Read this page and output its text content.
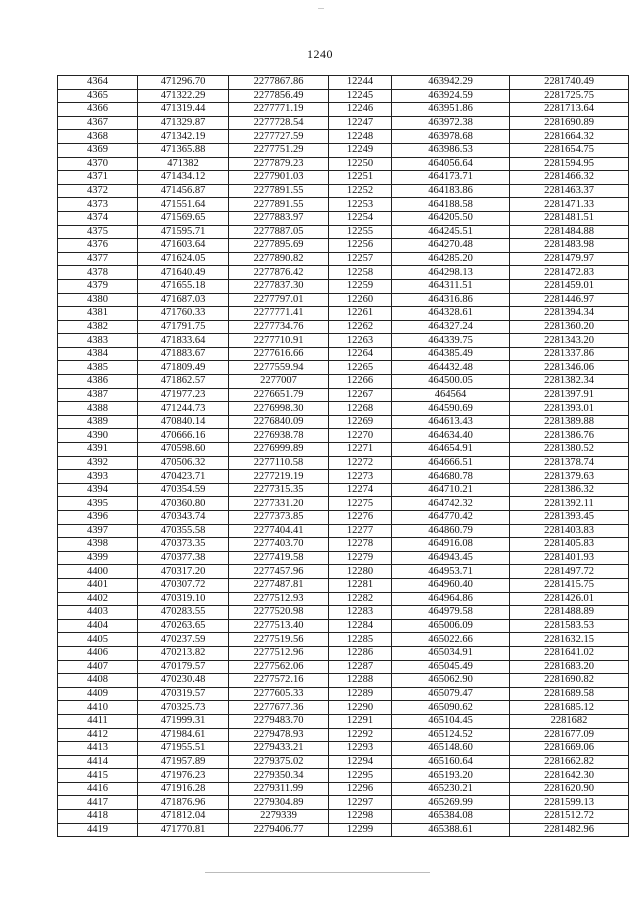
1240
4364	471296.70	2277867.86	12244	463942.29	2281740.49
4365	471322.29	2277856.49	12245	463924.59	2281725.75
4366	471319.44	2277771.19	12246	463951.86	2281713.64
4367	471329.87	2277728.54	12247	463972.38	2281690.89
4368	471342.19	2277727.59	12248	463978.68	2281664.32
4369	471365.88	2277751.29	12249	463986.53	2281654.75
4370	471382	2277879.23	12250	464056.64	2281594.95
4371	471434.12	2277901.03	12251	464173.71	2281466.32
4372	471456.87	2277891.55	12252	464183.86	2281463.37
4373	471551.64	2277891.55	12253	464188.58	2281471.33
4374	471569.65	2277883.97	12254	464205.50	2281481.51
4375	471595.71	2277887.05	12255	464245.51	2281484.88
4376	471603.64	2277895.69	12256	464270.48	2281483.98
4377	471624.05	2277890.82	12257	464285.20	2281479.97
4378	471640.49	2277876.42	12258	464298.13	2281472.83
4379	471655.18	2277837.30	12259	464311.51	2281459.01
4380	471687.03	2277797.01	12260	464316.86	2281446.97
4381	471760.33	2277771.41	12261	464328.61	2281394.34
4382	471791.75	2277734.76	12262	464327.24	2281360.20
4383	471833.64	2277710.91	12263	464339.75	2281343.20
4384	471883.67	2277616.66	12264	464385.49	2281337.86
4385	471809.49	2277559.94	12265	464432.48	2281346.06
4386	471862.57	2277007	12266	464500.05	2281382.34
4387	471977.23	2276651.79	12267	464564	2281397.91
4388	471244.73	2276998.30	12268	464590.69	2281393.01
4389	470840.14	2276840.09	12269	464613.43	2281389.88
4390	470666.16	2276938.78	12270	464634.40	2281386.76
4391	470598.60	2276999.89	12271	464654.91	2281380.52
4392	470506.32	2277110.58	12272	464666.51	2281378.74
4393	470423.71	2277219.19	12273	464680.78	2281379.63
4394	470354.59	2277315.35	12274	464710.21	2281386.32
4395	470360.80	2277331.20	12275	464742.32	2281392.11
4396	470343.74	2277373.85	12276	464770.42	2281393.45
4397	470355.58	2277404.41	12277	464860.79	2281403.83
4398	470373.35	2277403.70	12278	464916.08	2281405.83
4399	470377.38	2277419.58	12279	464943.45	2281401.93
4400	470317.20	2277457.96	12280	464953.71	2281497.72
4401	470307.72	2277487.81	12281	464960.40	2281415.75
4402	470319.10	2277512.93	12282	464964.86	2281426.01
4403	470283.55	2277520.98	12283	464979.58	2281488.89
4404	470263.65	2277513.40	12284	465006.09	2281583.53
4405	470237.59	2277519.56	12285	465022.66	2281632.15
4406	470213.82	2277512.96	12286	465034.91	2281641.02
4407	470179.57	2277562.06	12287	465045.49	2281683.20
4408	470230.48	2277572.16	12288	465062.90	2281690.82
4409	470319.57	2277605.33	12289	465079.47	2281689.58
4410	470325.73	2277677.36	12290	465090.62	2281685.12
4411	471999.31	2279483.70	12291	465104.45	2281682
4412	471984.61	2279478.93	12292	465124.52	2281677.09
4413	471955.51	2279433.21	12293	465148.60	2281669.06
4414	471957.89	2279375.02	12294	465160.64	2281662.82
4415	471976.23	2279350.34	12295	465193.20	2281642.30
4416	471916.28	2279311.99	12296	465230.21	2281620.90
4417	471876.96	2279304.89	12297	465269.99	2281599.13
4418	471812.04	2279339	12298	465384.08	2281512.72
4419	471770.81	2279406.77	12299	465388.61	2281482.96
